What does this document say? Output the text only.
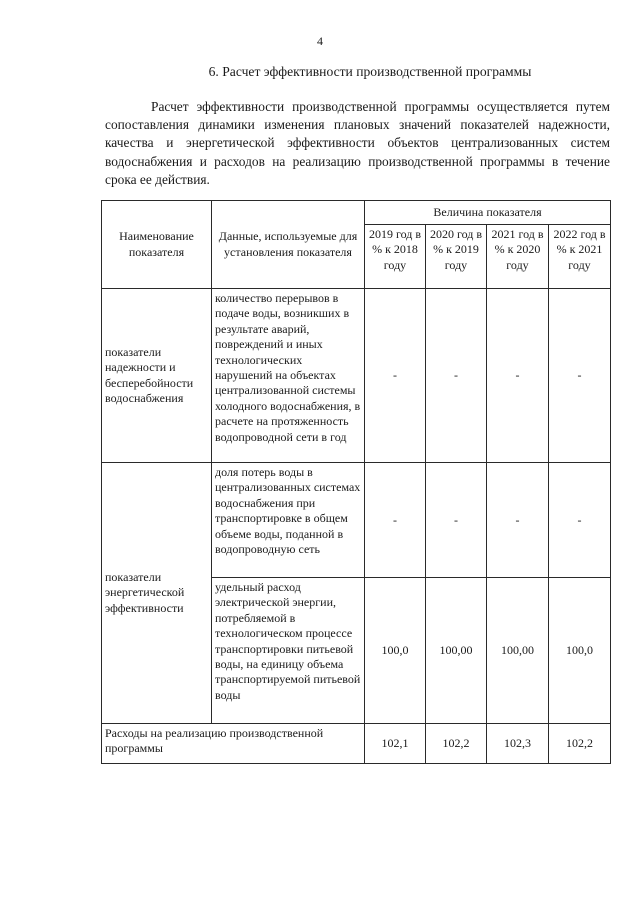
4
6. Расчет эффективности производственной программы

Расчет эффективности производственной программы осуществляется путем сопоставления динамики изменения плановых значений показателей надежности, качества и энергетической эффективности объектов централизованных систем водоснабжения и расходов на реализацию производственной программы в течение срока ее действия.

Наименование показателя	Данные, используемые для установления показателя	Величина показателя			
		2019 год в % к 2018 году	2020 год в % к 2019 году	2021 год в % к 2020 году	2022 год в % к 2021 году
показатели надежности и бесперебойности водоснабжения	количество перерывов в подаче воды, возникших в результате аварий, повреждений и иных технологических нарушений на объектах централизованной системы холодного водоснабжения, в расчете на протяженность водопроводной сети в год	-	-	-	-
показатели энергетической эффективности	доля потерь воды в централизованных системах водоснабжения при транспортировке в общем объеме воды, поданной в водопроводную сеть	-	-	-	-
	удельный расход электрической энергии, потребляемой в технологическом процессе транспортировки питьевой воды, на единицу объема транспортируемой питьевой воды	100,0	100,00	100,00	100,0
Расходы на реализацию производственной программы		102,1	102,2	102,3	102,2
